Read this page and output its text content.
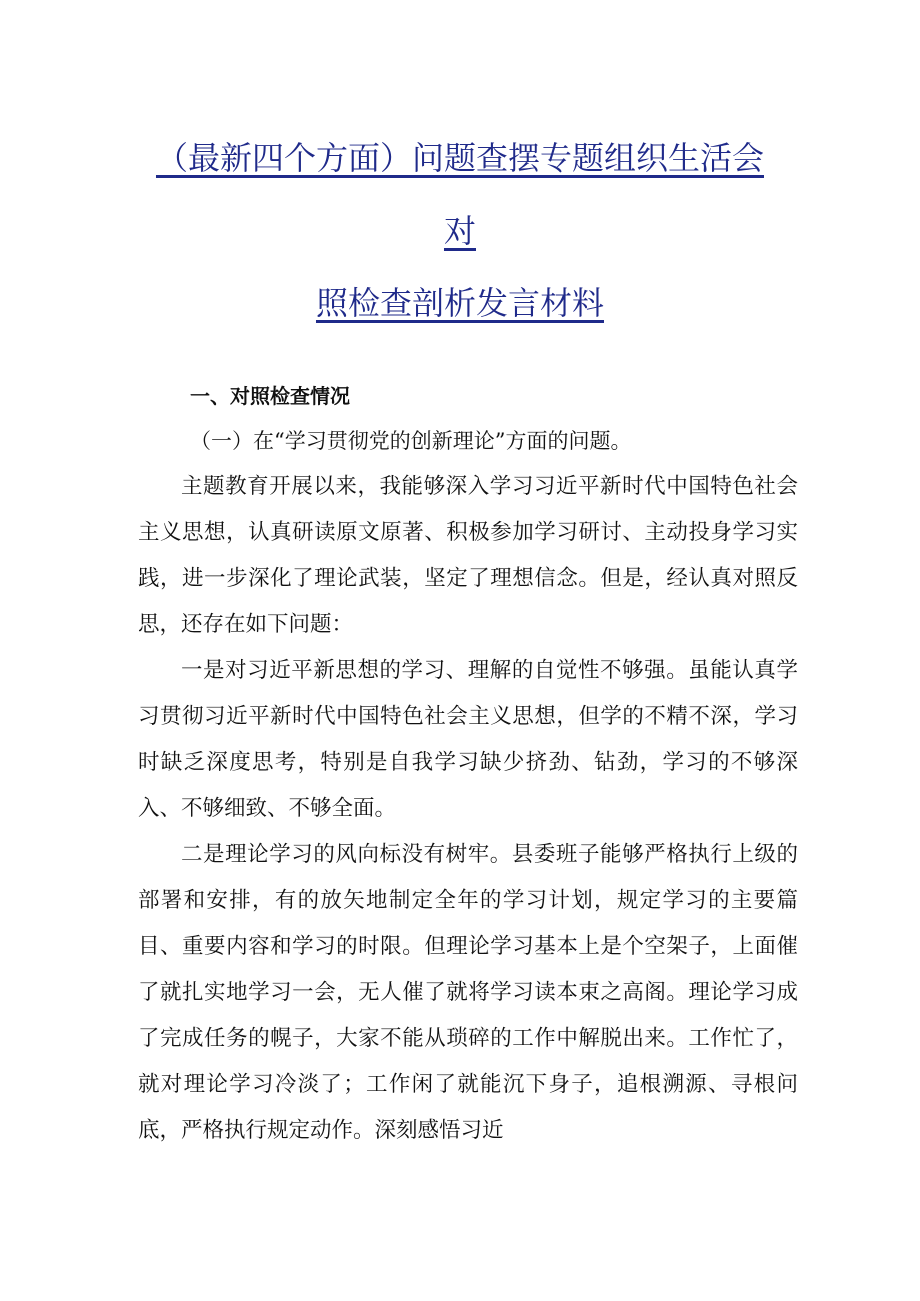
（最新四个方面）问题查摆专题组织生活会
对
照检查剖析发言材料
一、对照检查情况
（一）在“学习贯彻党的创新理论”方面的问题。

主题教育开展以来，我能够深入学习习近平新时代中国特色社会主义思想，认真研读原文原著、积极参加学习研讨、主动投身学习实践，进一步深化了理论武装，坚定了理想信念。但是，经认真对照反思，还存在如下问题：

一是对习近平新思想的学习、理解的自觉性不够强。虽能认真学习贯彻习近平新时代中国特色社会主义思想，但学的不精不深，学习时缺乏深度思考，特别是自我学习缺少挤劲、钻劲，学习的不够深入、不够细致、不够全面。

二是理论学习的风向标没有树牢。县委班子能够严格执行上级的部署和安排，有的放矢地制定全年的学习计划，规定学习的主要篇目、重要内容和学习的时限。但理论学习基本上是个空架子，上面催了就扎实地学习一会，无人催了就将学习读本束之高阁。理论学习成了完成任务的幌子，大家不能从琐碎的工作中解脱出来。工作忙了，就对理论学习冷淡了；工作闲了就能沉下身子，追根溯源、寻根问底，严格执行规定动作。深刻感悟习近
